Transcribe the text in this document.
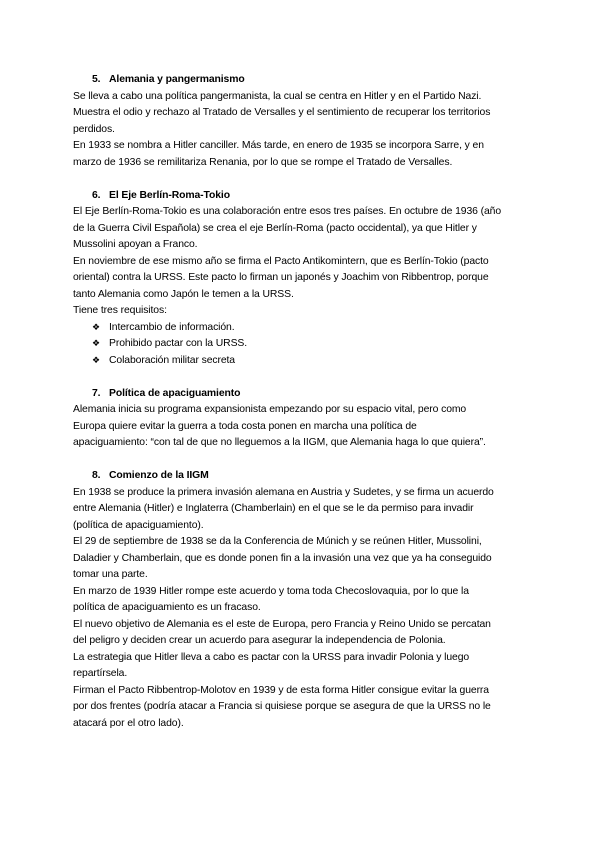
5. Alemania y pangermanismo

Se lleva a cabo una política pangermanista, la cual se centra en Hitler y en el Partido Nazi.

Muestra el odio y rechazo al Tratado de Versalles y el sentimiento de recuperar los territorios

perdidos.

En 1933 se nombra a Hitler canciller. Más tarde, en enero de 1935 se incorpora Sarre, y en

marzo de 1936 se remilitariza Renania, por lo que se rompe el Tratado de Versalles.

6. El Eje Berlín-Roma-Tokio

El Eje Berlín-Roma-Tokio es una colaboración entre esos tres países. En octubre de 1936 (año

de la Guerra Civil Española) se crea el eje Berlín-Roma (pacto occidental), ya que Hitler y

Mussolini apoyan a Franco.

En noviembre de ese mismo año se firma el Pacto Antikomintern, que es Berlín-Tokio (pacto

oriental) contra la URSS. Este pacto lo firman un japonés y Joachim von Ribbentrop, porque

tanto Alemania como Japón le temen a la URSS.

Tiene tres requisitos:

❖ Intercambio de información.
❖ Prohibido pactar con la URSS.
❖ Colaboración militar secreta
7. Política de apaciguamiento

Alemania inicia su programa expansionista empezando por su espacio vital, pero como

Europa quiere evitar la guerra a toda costa ponen en marcha una política de

apaciguamiento: “con tal de que no lleguemos a la IIGM, que Alemania haga lo que quiera”.

8. Comienzo de la IIGM

En 1938 se produce la primera invasión alemana en Austria y Sudetes, y se firma un acuerdo

entre Alemania (Hitler) e Inglaterra (Chamberlain) en el que se le da permiso para invadir

(política de apaciguamiento).

El 29 de septiembre de 1938 se da la Conferencia de Múnich y se reúnen Hitler, Mussolini,

Daladier y Chamberlain, que es donde ponen fin a la invasión una vez que ya ha conseguido

tomar una parte.

En marzo de 1939 Hitler rompe este acuerdo y toma toda Checoslovaquia, por lo que la

política de apaciguamiento es un fracaso.

El nuevo objetivo de Alemania es el este de Europa, pero Francia y Reino Unido se percatan

del peligro y deciden crear un acuerdo para asegurar la independencia de Polonia.

La estrategia que Hitler lleva a cabo es pactar con la URSS para invadir Polonia y luego

repartírsela.

Firman el Pacto Ribbentrop-Molotov en 1939 y de esta forma Hitler consigue evitar la guerra

por dos frentes (podría atacar a Francia si quisiese porque se asegura de que la URSS no le

atacará por el otro lado).
